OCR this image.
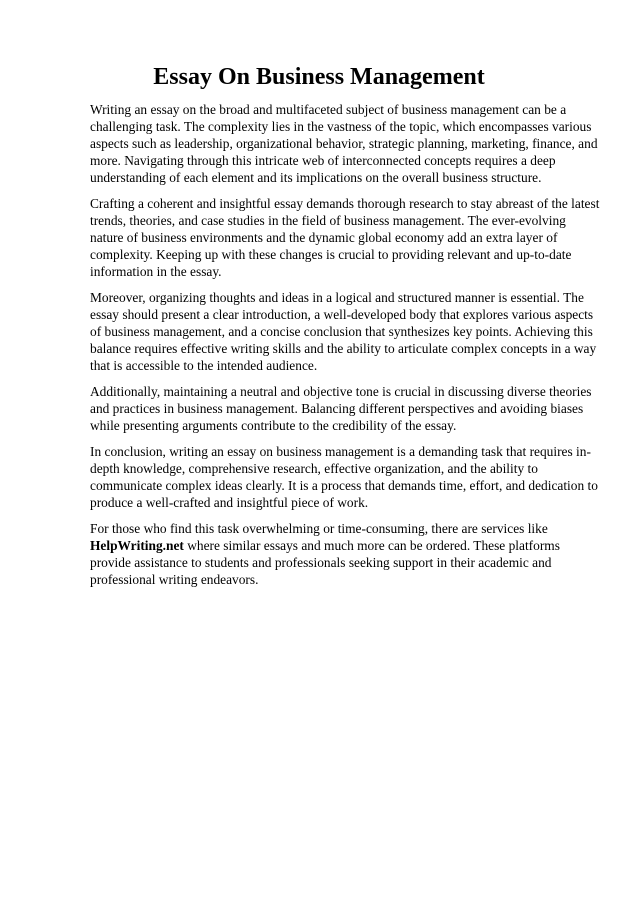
Essay On Business Management

Writing an essay on the broad and multifaceted subject of business management can be a challenging task. The complexity lies in the vastness of the topic, which encompasses various aspects such as leadership, organizational behavior, strategic planning, marketing, finance, and more. Navigating through this intricate web of interconnected concepts requires a deep understanding of each element and its implications on the overall business structure.

Crafting a coherent and insightful essay demands thorough research to stay abreast of the latest trends, theories, and case studies in the field of business management. The ever-evolving nature of business environments and the dynamic global economy add an extra layer of complexity. Keeping up with these changes is crucial to providing relevant and up-to-date information in the essay.

Moreover, organizing thoughts and ideas in a logical and structured manner is essential. The essay should present a clear introduction, a well-developed body that explores various aspects of business management, and a concise conclusion that synthesizes key points. Achieving this balance requires effective writing skills and the ability to articulate complex concepts in a way that is accessible to the intended audience.

Additionally, maintaining a neutral and objective tone is crucial in discussing diverse theories and practices in business management. Balancing different perspectives and avoiding biases while presenting arguments contribute to the credibility of the essay.

In conclusion, writing an essay on business management is a demanding task that requires in-depth knowledge, comprehensive research, effective organization, and the ability to communicate complex ideas clearly. It is a process that demands time, effort, and dedication to produce a well-crafted and insightful piece of work.

For those who find this task overwhelming or time-consuming, there are services like HelpWriting.net where similar essays and much more can be ordered. These platforms provide assistance to students and professionals seeking support in their academic and professional writing endeavors.
